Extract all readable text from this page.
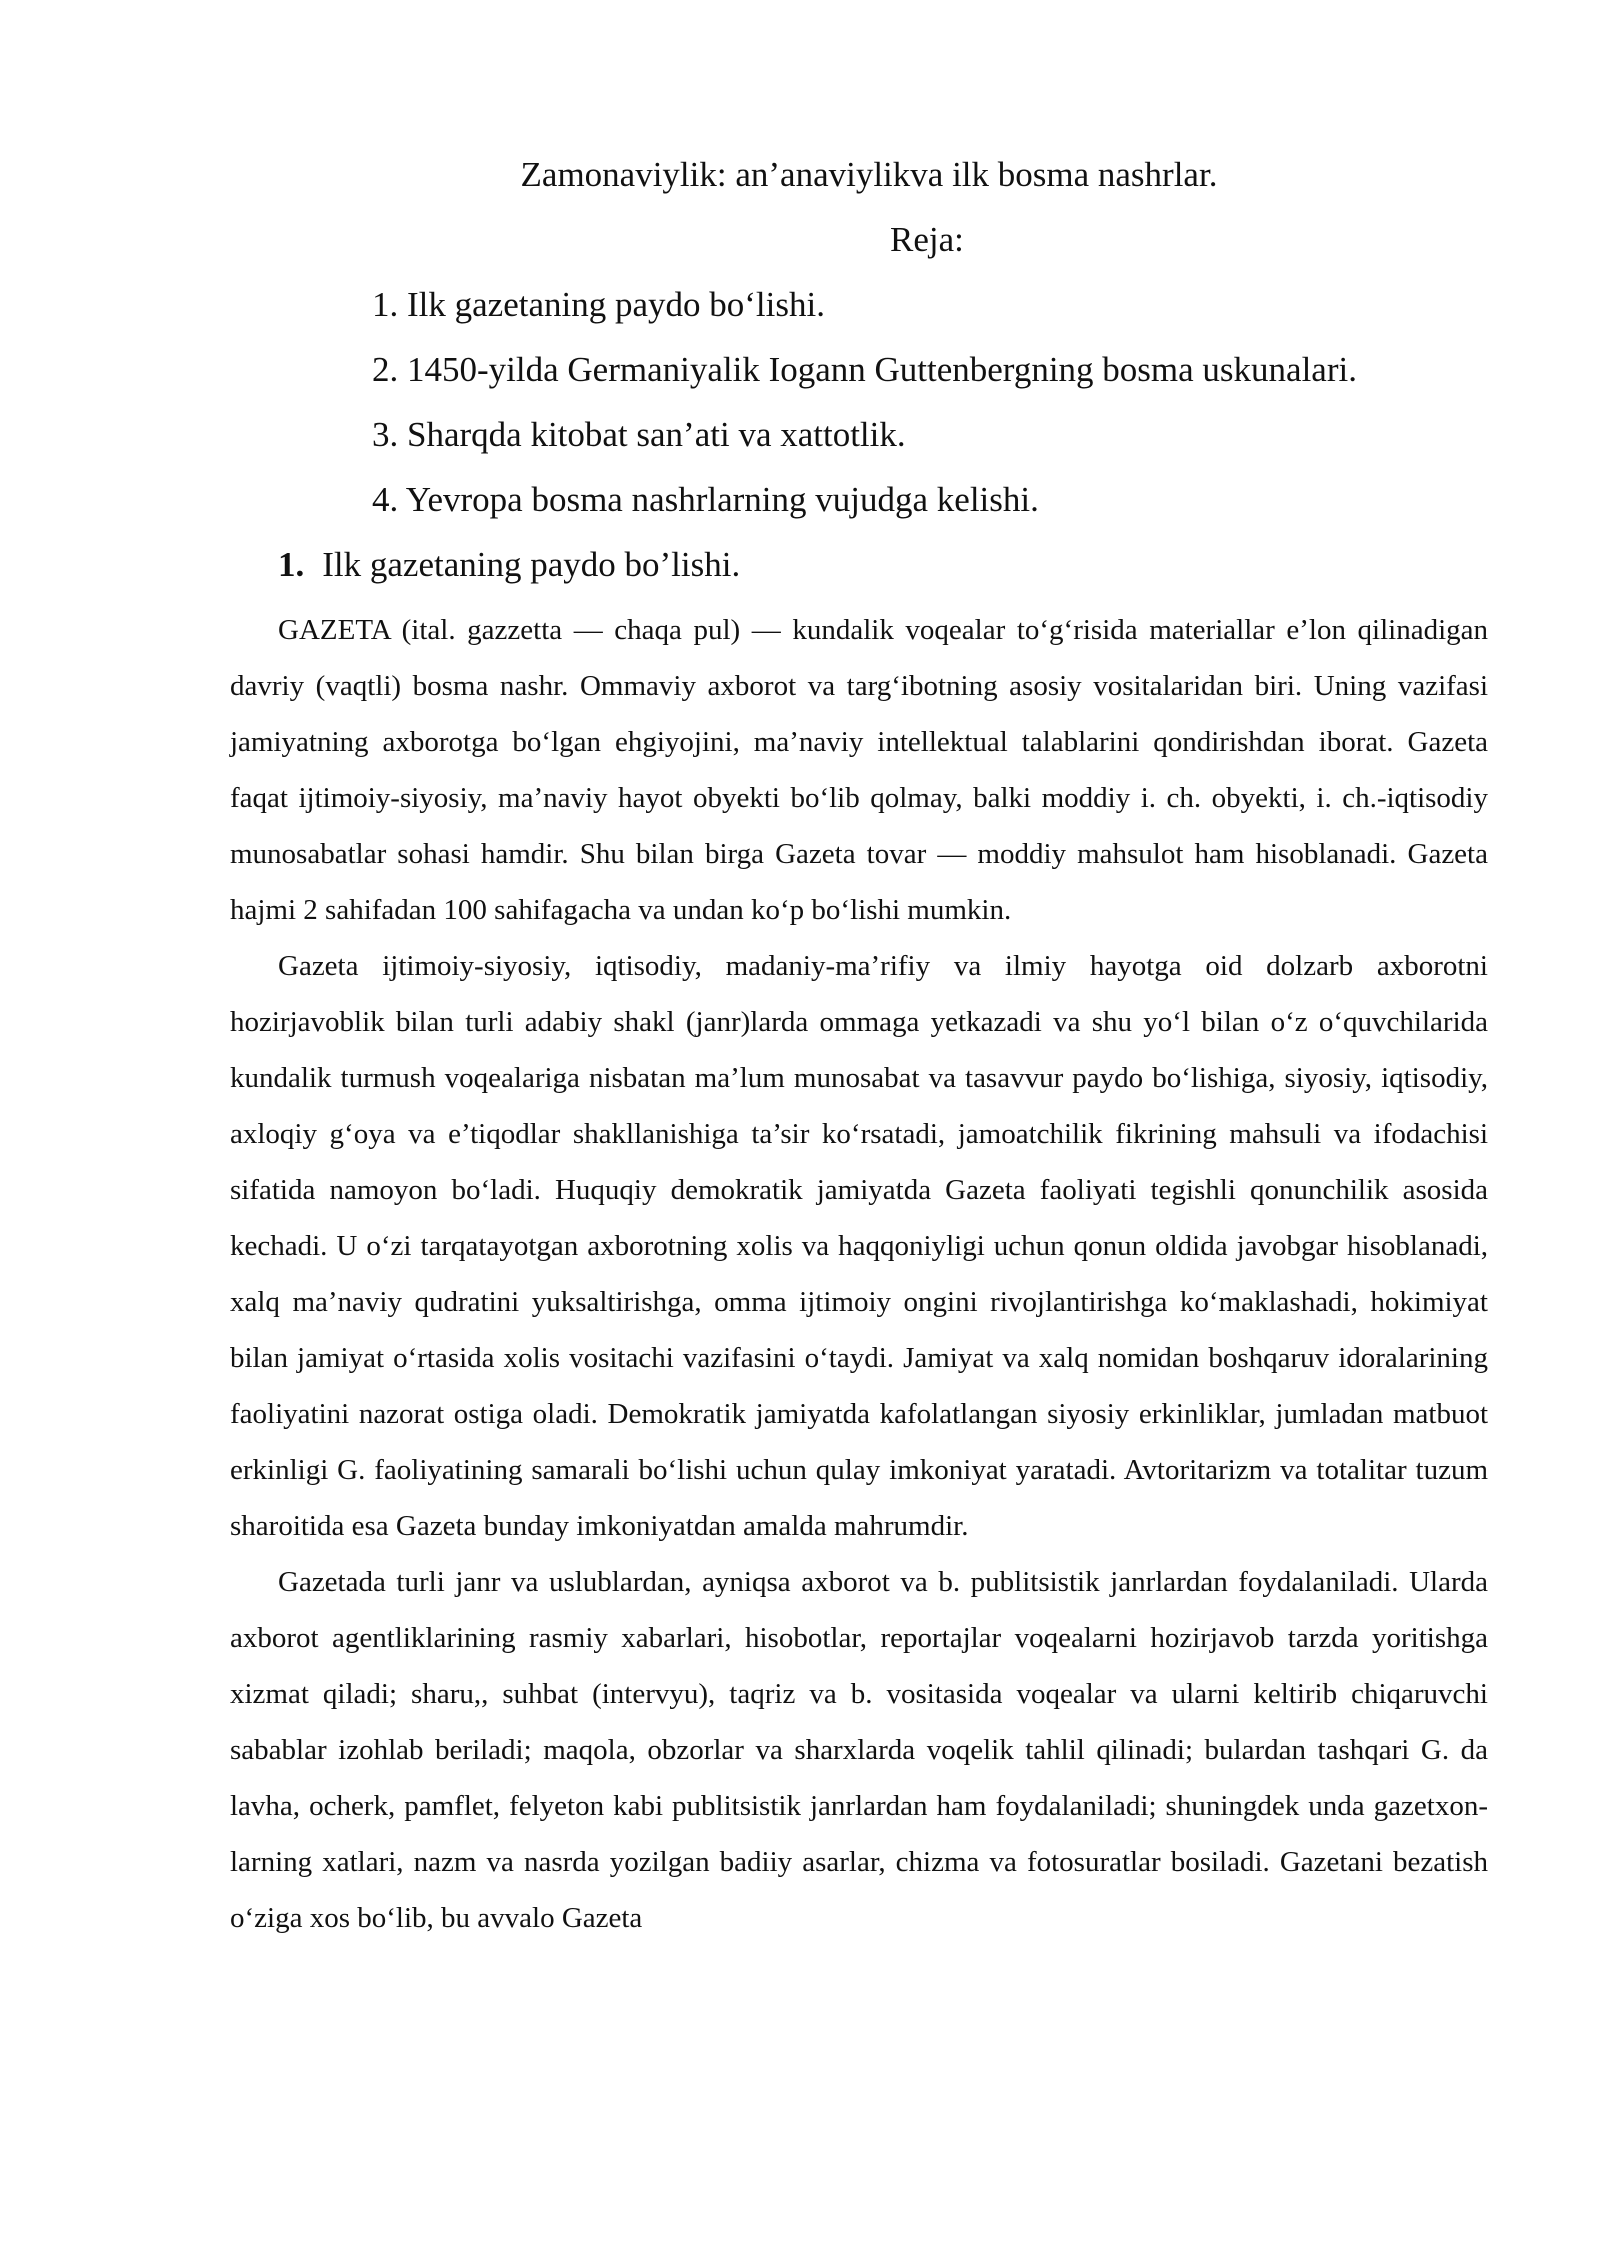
Zamonaviylik: an’anaviylikva ilk bosma nashrlar.
Reja:
1. Ilk gazetaning paydo bo‘lishi.
2. 1450-yilda Germaniyalik Iogann Guttenbergning bosma uskunalari.
3. Sharqda kitobat san’ati va xattotlik.
4. Yevropa bosma nashrlarning vujudga kelishi.
1. Ilk gazetaning paydo bo’lishi.

GAZETA (ital. gazzetta — chaqa pul) — kundalik voqealar to‘g‘risida materiallar e’lon qilinadigan davriy (vaqtli) bosma nashr. Ommaviy axborot va targ‘ibotning asosiy vositalaridan biri. Uning vazifasi jamiyatning axborotga bo‘lgan ehgiyojini, ma’naviy intellektual talablarini qondirishdan iborat. Gazeta faqat ijtimoiy-siyosiy, ma’naviy hayot obyekti bo‘lib qolmay, balki moddiy i. ch. obyekti, i. ch.-iqtisodiy munosabatlar sohasi hamdir. Shu bilan birga Gazeta tovar — moddiy mahsulot ham hisoblanadi. Gazeta hajmi 2 sahifadan 100 sahifagacha va undan ko‘p bo‘lishi mumkin.

Gazeta ijtimoiy-siyosiy, iqtisodiy, madaniy-ma’rifiy va ilmiy hayotga oid dolzarb axborotni hozirjavoblik bilan turli adabiy shakl (janr)larda ommaga yetkazadi va shu yo‘l bilan o‘z o‘quvchilarida kundalik turmush voqealariga nisbatan ma’lum munosabat va tasavvur paydo bo‘lishiga, siyosiy, iqtisodiy, axloqiy g‘oya va e’tiqodlar shakllanishiga ta’sir ko‘rsatadi, jamoatchilik fikrining mahsuli va ifodachisi sifatida namoyon bo‘ladi. Huquqiy demokratik jamiyatda Gazeta faoliyati tegishli qonunchilik asosida kechadi. U o‘zi tarqatayotgan axborotning xolis va haqqoniyligi uchun qonun oldida javobgar hisoblanadi, xalq ma’naviy qudratini yuksaltirishga, omma ijtimoiy ongini rivojlantirishga ko‘maklashadi, hokimiyat bilan jamiyat o‘rtasida xolis vositachi vazifasini o‘taydi. Jamiyat va xalq nomidan boshqaruv idoralarining faoliyatini nazorat ostiga oladi. Demokratik jamiyatda kafolatlangan siyosiy erkinliklar, jumladan matbuot erkinligi G. faoliyatining samarali bo‘lishi uchun qulay imkoniyat yaratadi. Avtoritarizm va totalitar tuzum sharoitida esa Gazeta bunday imkoniyatdan amalda mahrumdir.

Gazetada turli janr va uslublardan, ayniqsa axborot va b. publitsistik janrlardan foydalaniladi. Ularda axborot agentliklarining rasmiy xabarlari, hisobotlar, reportajlar voqealarni hozirjavob tarzda yoritishga xizmat qiladi; sharu,, suhbat (intervyu), taqriz va b. vositasida voqealar va ularni keltirib chiqaruvchi sabablar izohlab beriladi; maqola, obzorlar va sharxlarda voqelik tahlil qilinadi; bulardan tashqari G. da lavha, ocherk, pamflet, felyeton kabi publitsistik janrlardan ham foydalaniladi; shuningdek unda gazetxon-larning xatlari, nazm va nasrda yozilgan badiiy asarlar, chizma va fotosuratlar bosiladi. Gazetani bezatish o‘ziga xos bo‘lib, bu avvalo Gazeta
